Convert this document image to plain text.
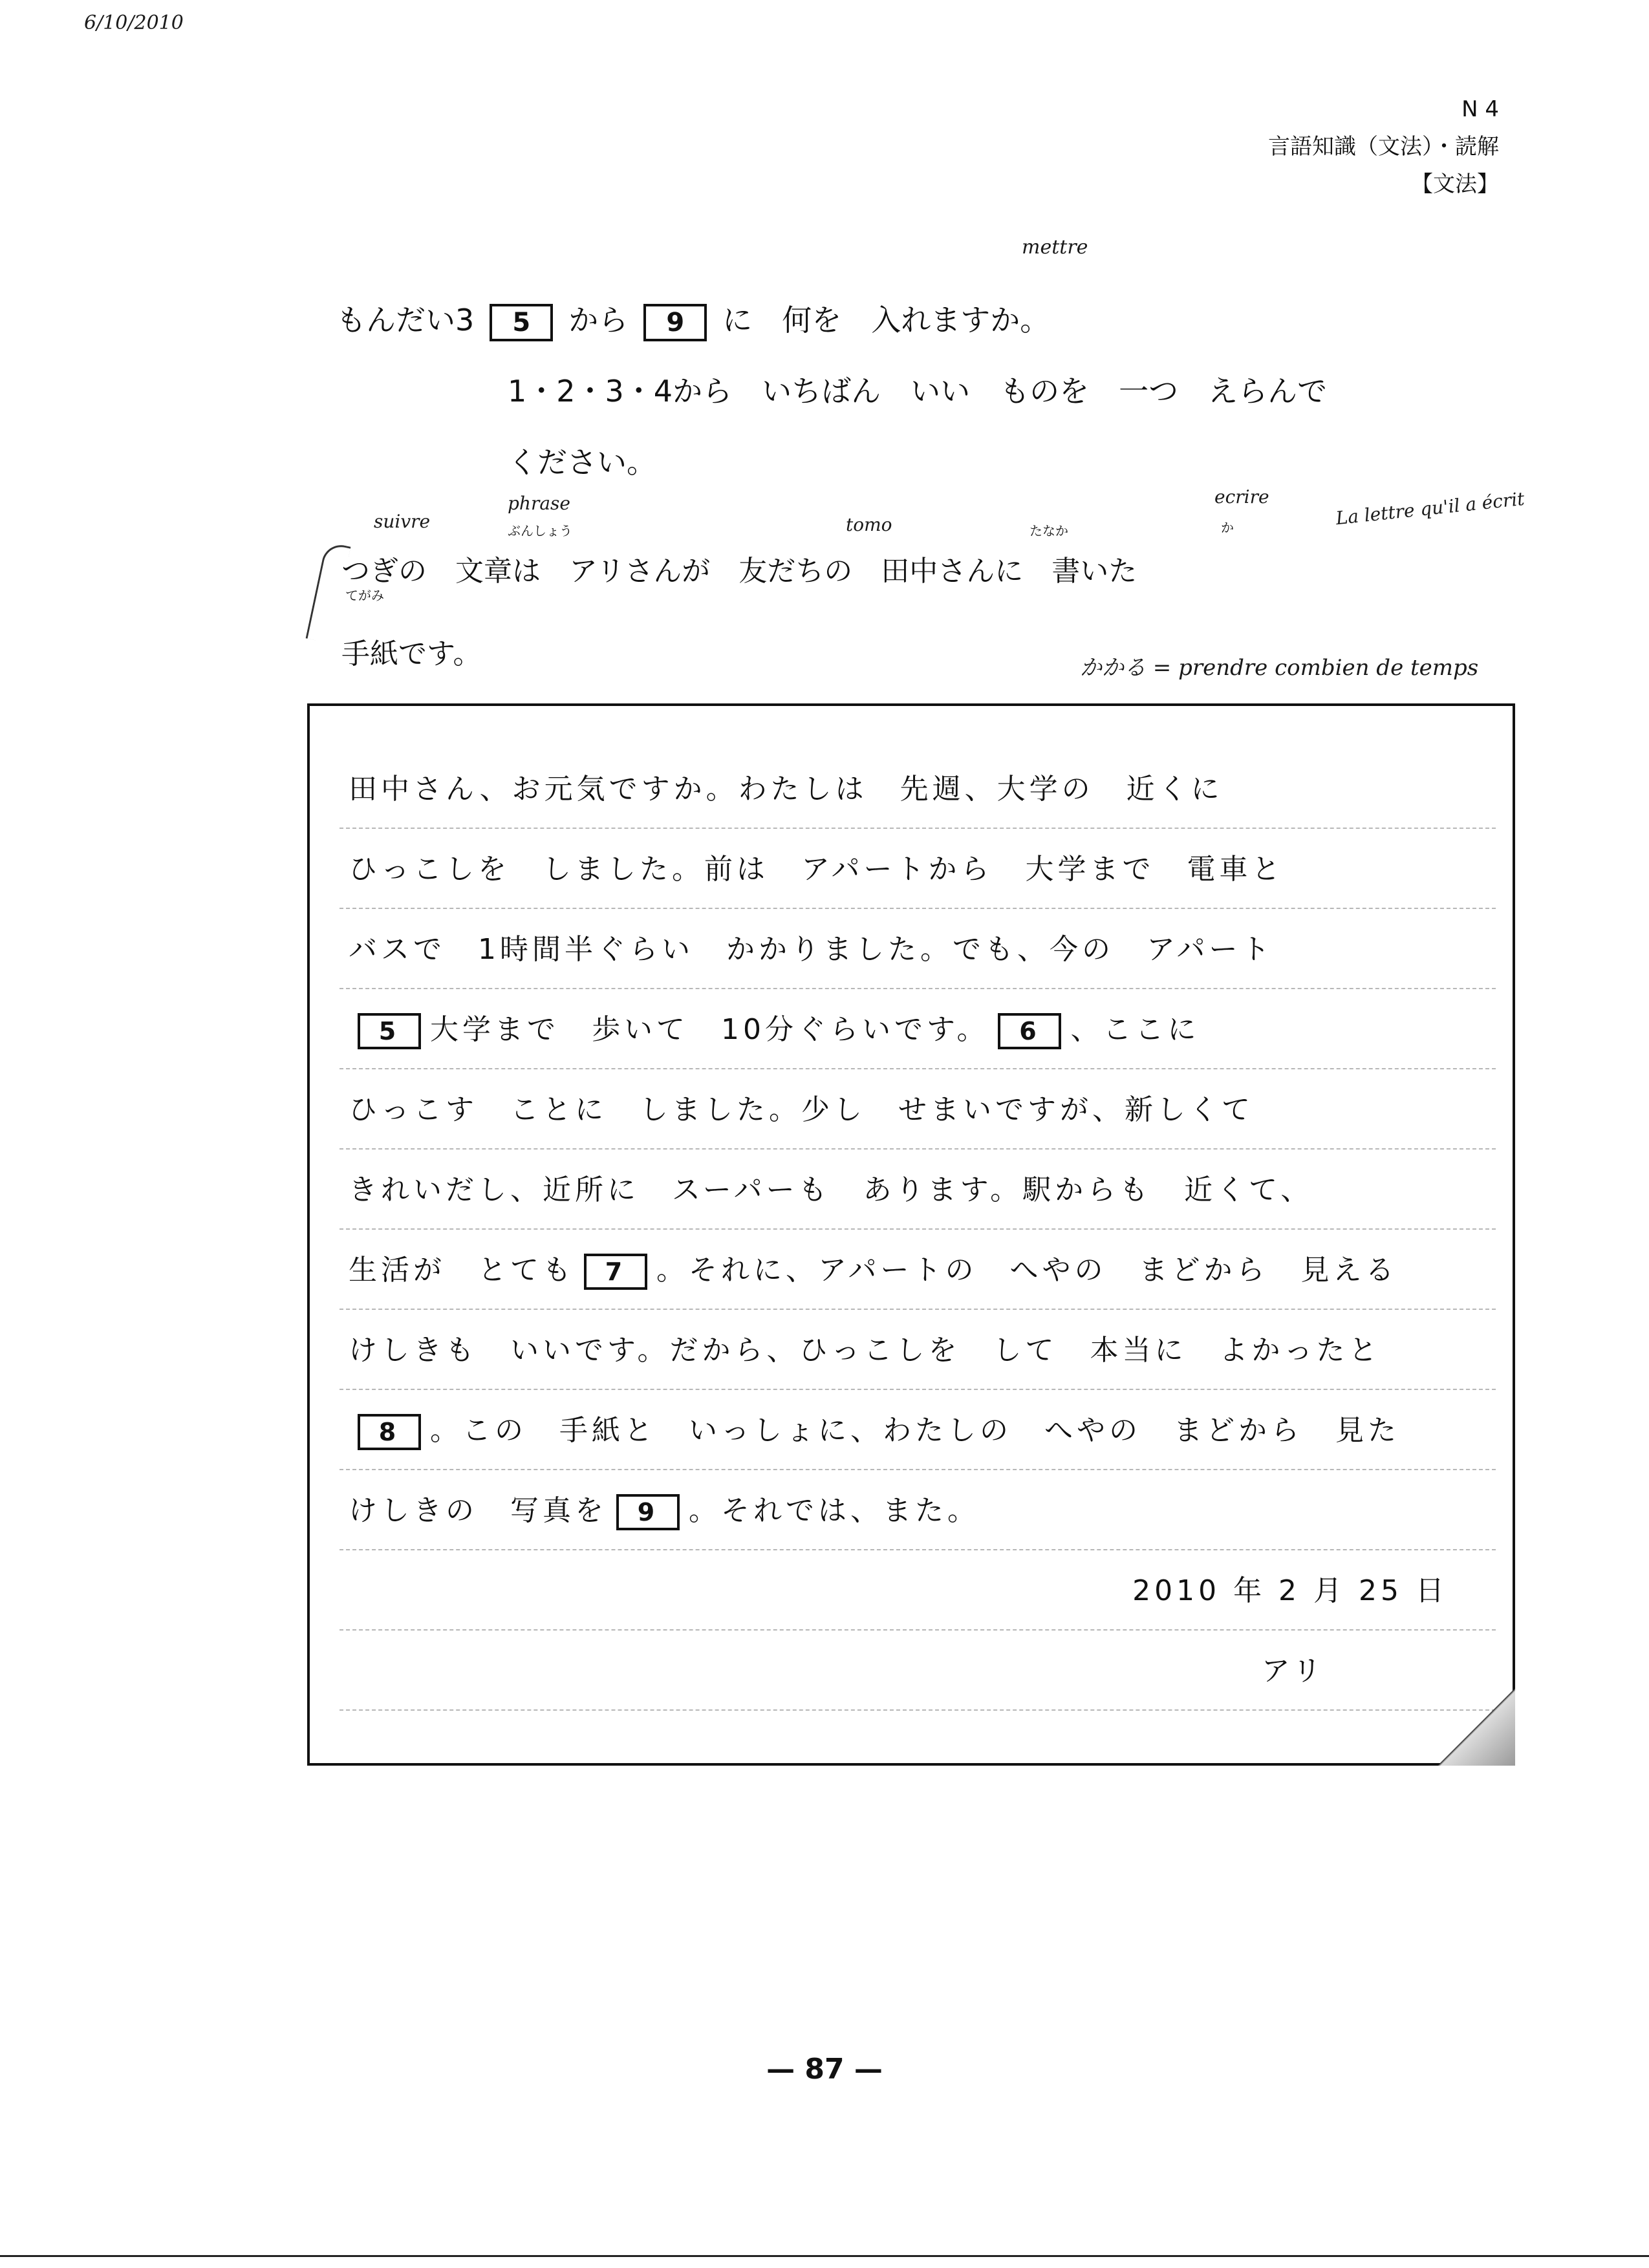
6/10/2010
N 4
言語知識（文法）・読解
【文法】
mettre
もんだい3 5 から 9 に　何を　入れますか。
1・2・3・4から　いちばん　いい　ものを　一つ　えらんで
ください。
suivre
phrase
ぶんしょう	tomo	たなか
ecrire
か	La lettre qu'il a écrit
てがみ
つぎの　文章は　アリさんが　友だちの　田中さんに　書いた
手紙です。	かかる = prendre combien de temps
田中さん、お元気ですか。わたしは　先週、大学の　近くに
ひっこしを　しました。前は　アパートから　大学まで　電車と
バスで　1時間半ぐらい　かかりました。でも、今の　アパート
5 大学まで　歩いて　10分ぐらいです。 6 、ここに
ひっこす　ことに　しました。少し　せまいですが、新しくて
きれいだし、近所に　スーパーも　あります。駅からも　近くて、
生活が　とても 7 。それに、アパートの　へやの　まどから　見える
けしきも　いいです。だから、ひっこしを　して　本当に　よかったと
8 。この　手紙と　いっしょに、わたしの　へやの　まどから　見た
けしきの　写真を 9 。それでは、また。
2010 年 2 月 25 日
アリ
— 87 —
